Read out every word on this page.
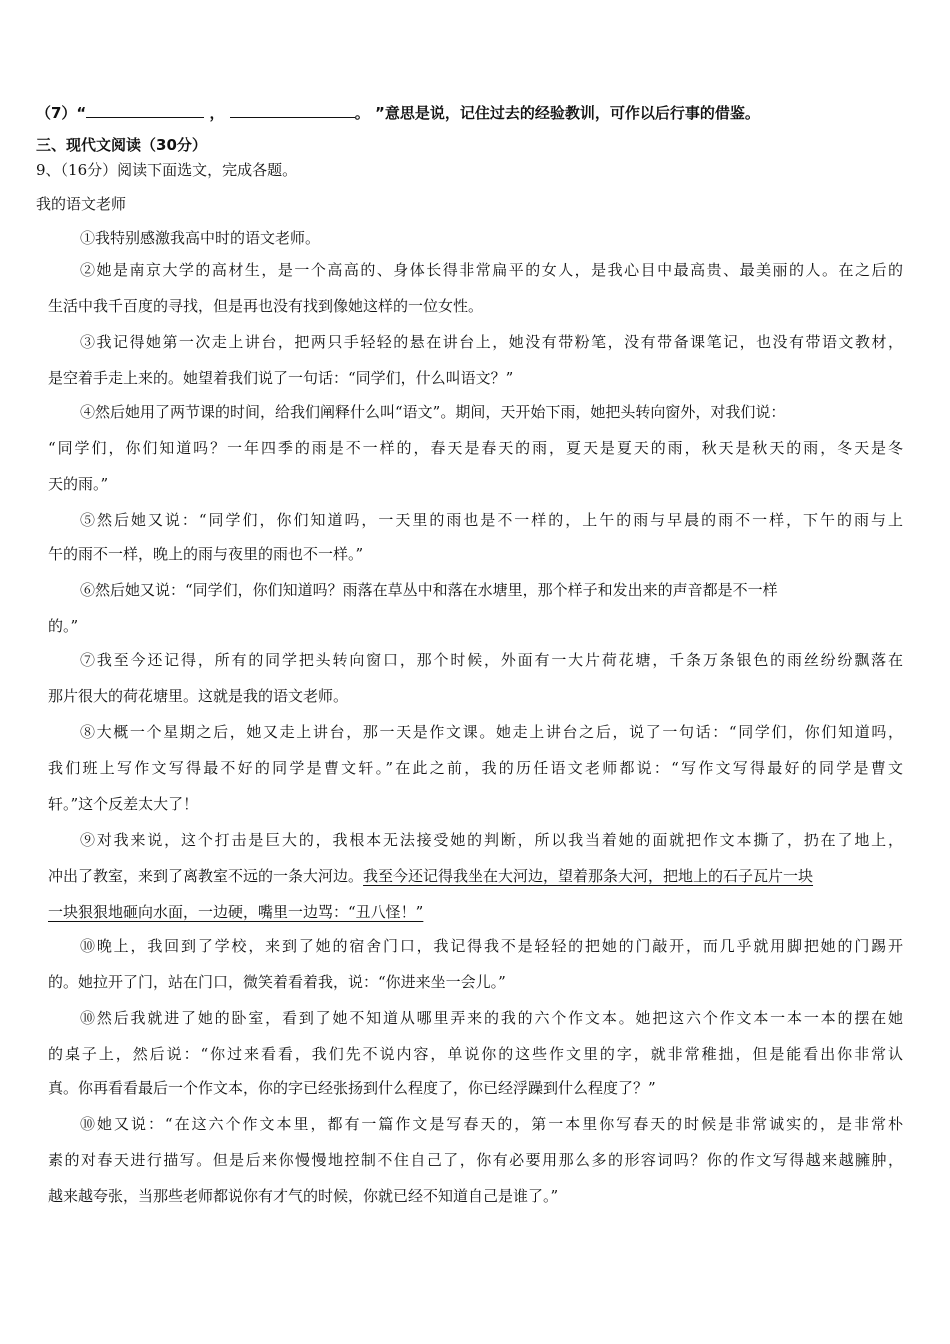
（7）“	，	。 ”意思是说，记住过去的经验教训，可作以后行事的借鉴。
三、现代文阅读（30分）
9、（16分）阅读下面选文，完成各题。
我的语文老师
①我特别感激我高中时的语文老师。
②她是南京大学的高材生，是一个高高的、身体长得非常扁平的女人，是我心目中最高贵、最美丽的人。在之后的
生活中我千百度的寻找，但是再也没有找到像她这样的一位女性。
③我记得她第一次走上讲台，把两只手轻轻的悬在讲台上，她没有带粉笔，没有带备课笔记，也没有带语文教材，
是空着手走上来的。她望着我们说了一句话：“同学们，什么叫语文？”
④然后她用了两节课的时间，给我们阐释什么叫“语文”。期间，天开始下雨，她把头转向窗外，对我们说：
“同学们，你们知道吗？一年四季的雨是不一样的，春天是春天的雨，夏天是夏天的雨，秋天是秋天的雨，冬天是冬
天的雨。”
⑤然后她又说：“同学们，你们知道吗，一天里的雨也是不一样的，上午的雨与早晨的雨不一样，下午的雨与上
午的雨不一样，晚上的雨与夜里的雨也不一样。”
⑥然后她又说：“同学们，你们知道吗？雨落在草丛中和落在水塘里，那个样子和发出来的声音都是不一样
的。”
⑦我至今还记得，所有的同学把头转向窗口，那个时候，外面有一大片荷花塘，千条万条银色的雨丝纷纷飘落在
那片很大的荷花塘里。这就是我的语文老师。
⑧大概一个星期之后，她又走上讲台，那一天是作文课。她走上讲台之后，说了一句话：“同学们，你们知道吗，
我们班上写作文写得最不好的同学是曹文轩。”在此之前，我的历任语文老师都说：“写作文写得最好的同学是曹文
轩。”这个反差太大了！
⑨对我来说，这个打击是巨大的，我根本无法接受她的判断，所以我当着她的面就把作文本撕了，扔在了地上，
冲出了教室，来到了离教室不远的一条大河边。我至今还记得我坐在大河边，望着那条大河，把地上的石子瓦片一块
一块狠狠地砸向水面，一边硬，嘴里一边骂：“丑八怪！”
⑩晚上，我回到了学校，来到了她的宿舍门口，我记得我不是轻轻的把她的门敲开，而几乎就用脚把她的门踢开
的。她拉开了门，站在门口，微笑着看着我，说：“你进来坐一会儿。”
⑩然后我就进了她的卧室，看到了她不知道从哪里弄来的我的六个作文本。她把这六个作文本一本一本的摆在她
的桌子上，然后说：“你过来看看，我们先不说内容，单说你的这些作文里的字，就非常稚拙，但是能看出你非常认
真。你再看看最后一个作文本，你的字已经张扬到什么程度了，你已经浮躁到什么程度了？”
⑩她又说：“在这六个作文本里，都有一篇作文是写春天的，第一本里你写春天的时候是非常诚实的，是非常朴
素的对春天进行描写。但是后来你慢慢地控制不住自己了，你有必要用那么多的形容词吗？你的作文写得越来越臃肿，
越来越夸张，当那些老师都说你有才气的时候，你就已经不知道自己是谁了。”
